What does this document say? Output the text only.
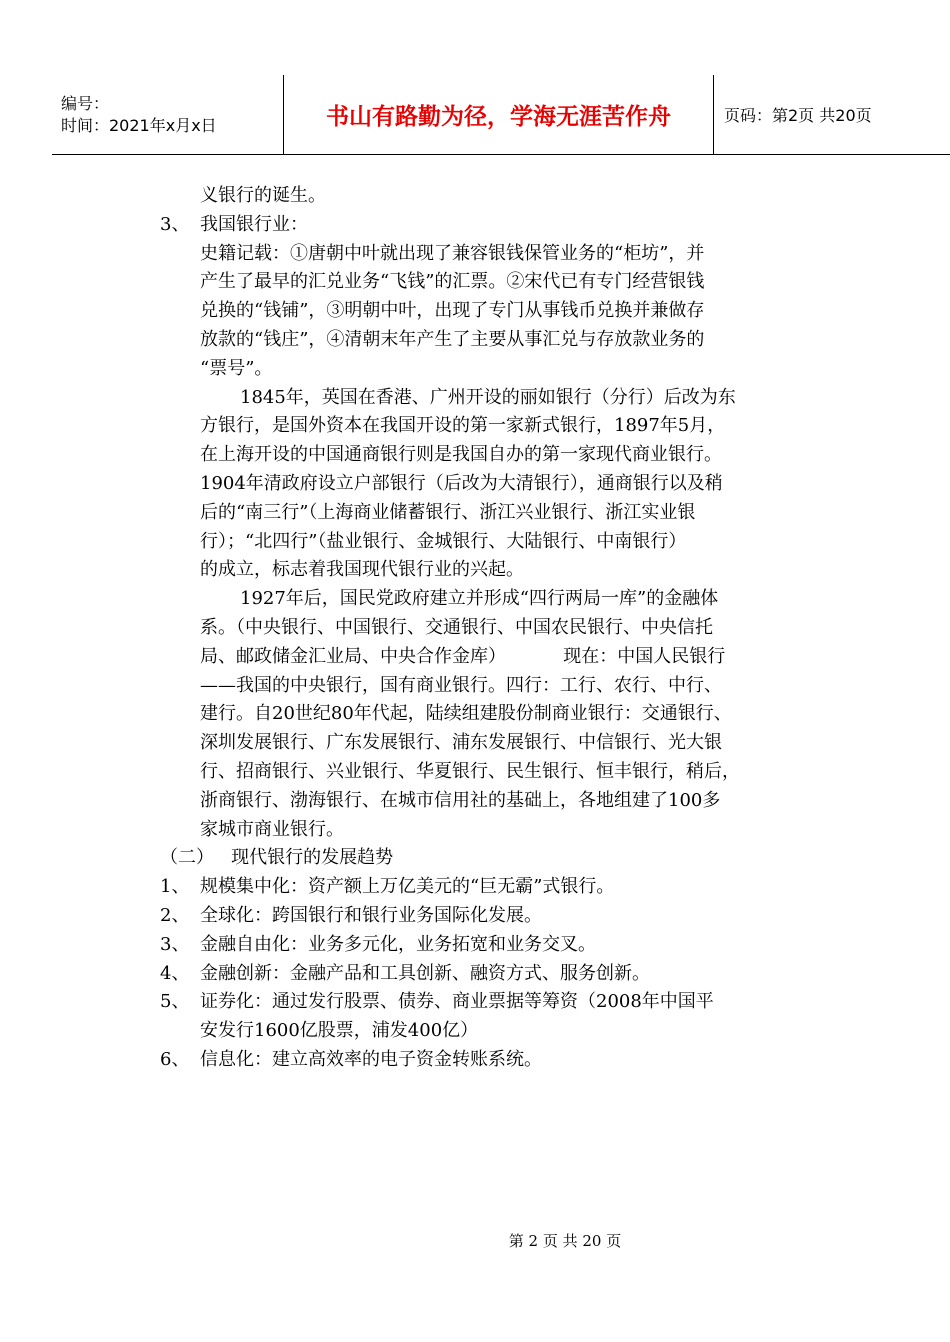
编号：
时间：2021年x月x日	书山有路勤为径，学海无涯苦作舟	页码：第2页 共20页
义银行的诞生。
3、 我国银行业：
史籍记载：①唐朝中叶就出现了兼容银钱保管业务的“柜坊”，并
产生了最早的汇兑业务“飞钱”的汇票。②宋代已有专门经营银钱
兑换的“钱铺”，③明朝中叶，出现了专门从事钱币兑换并兼做存
放款的“钱庄”，④清朝末年产生了主要从事汇兑与存放款业务的
“票号”。
1845年，英国在香港、广州开设的丽如银行（分行）后改为东
方银行，是国外资本在我国开设的第一家新式银行，1897年5月，
在上海开设的中国通商银行则是我国自办的第一家现代商业银行。
1904年清政府设立户部银行（后改为大清银行），通商银行以及稍
后的“南三行”（上海商业储蓄银行、浙江兴业银行、浙江实业银
行）；“北四行”（盐业银行、金城银行、大陆银行、中南银行）
的成立，标志着我国现代银行业的兴起。
1927年后，国民党政府建立并形成“四行两局一库”的金融体
系。（中央银行、中国银行、交通银行、中国农民银行、中央信托
局、邮政储金汇业局、中央合作金库）          现在：中国人民银行
——我国的中央银行，国有商业银行。四行：工行、农行、中行、
建行。自20世纪80年代起，陆续组建股份制商业银行：交通银行、
深圳发展银行、广东发展银行、浦东发展银行、中信银行、光大银
行、招商银行、兴业银行、华夏银行、民生银行、恒丰银行，稍后，
浙商银行、渤海银行、在城市信用社的基础上，各地组建了100多
家城市商业银行。
（二）   现代银行的发展趋势
1、 规模集中化：资产额上万亿美元的“巨无霸”式银行。
2、 全球化：跨国银行和银行业务国际化发展。
3、 金融自由化：业务多元化，业务拓宽和业务交叉。
4、 金融创新：金融产品和工具创新、融资方式、服务创新。
5、 证券化：通过发行股票、债券、商业票据等筹资（2008年中国平
安发行1600亿股票，浦发400亿）
6、 信息化：建立高效率的电子资金转账系统。
第 2 页 共 20 页
